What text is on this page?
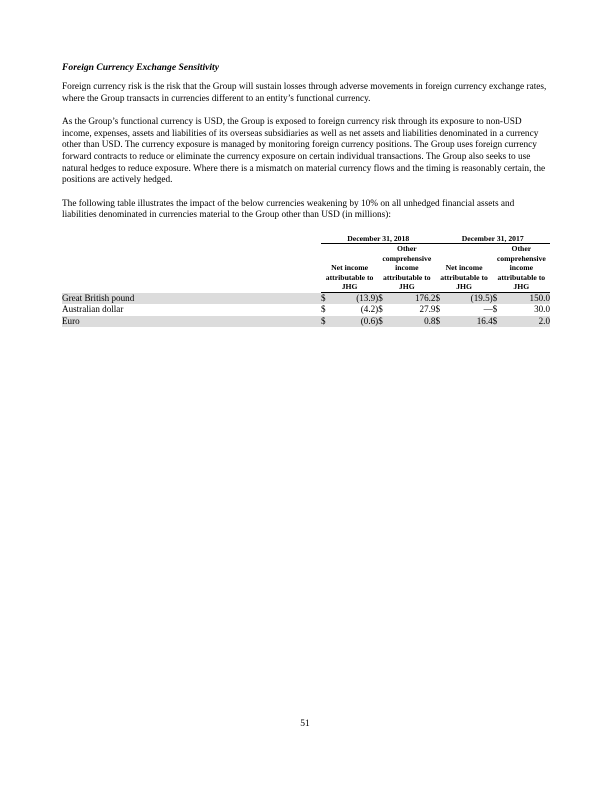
Foreign Currency Exchange Sensitivity

Foreign currency risk is the risk that the Group will sustain losses through adverse movements in foreign currency exchange rates, where the Group transacts in currencies different to an entity’s functional currency.

As the Group’s functional currency is USD, the Group is exposed to foreign currency risk through its exposure to non-USD income, expenses, assets and liabilities of its overseas subsidiaries as well as net assets and liabilities denominated in a currency other than USD. The currency exposure is managed by monitoring foreign currency positions. The Group uses foreign currency forward contracts to reduce or eliminate the currency exposure on certain individual transactions. The Group also seeks to use natural hedges to reduce exposure. Where there is a mismatch on material currency flows and the timing is reasonably certain, the positions are actively hedged.

The following table illustrates the impact of the below currencies weakening by 10% on all unhedged financial assets and liabilities denominated in currencies material to the Group other than USD (in millions):

	December 31, 2018				December 31, 2017			
	Net income attributable to JHG		Other comprehensive income attributable to JHG		Net income attributable to JHG		Other comprehensive income attributable to JHG	
Great British pound	$	(13.9)	$	176.2	$	(19.5)	$	150.0
Australian dollar	$	(4.2)	$	27.9	$	—	$	30.0
Euro	$	(0.6)	$	0.8	$	16.4	$	2.0
51
